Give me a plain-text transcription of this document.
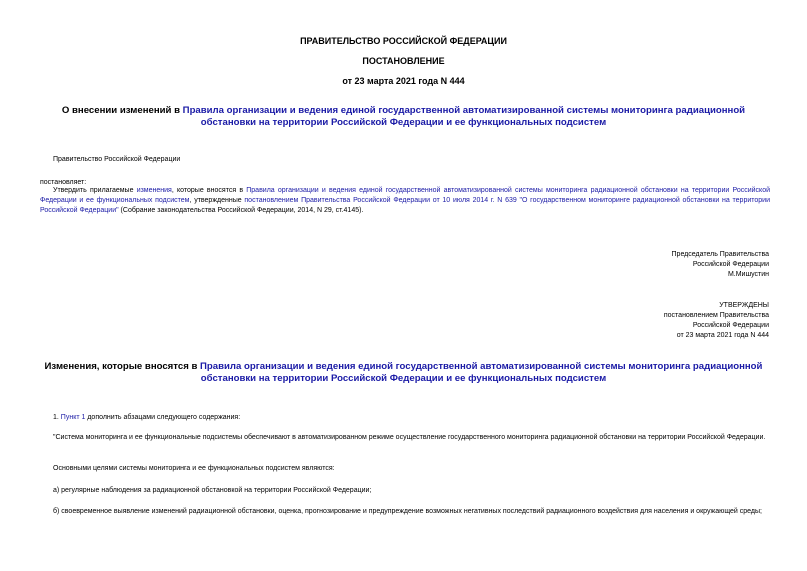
ПРАВИТЕЛЬСТВО РОССИЙСКОЙ ФЕДЕРАЦИИ
ПОСТАНОВЛЕНИЕ
от 23 марта 2021 года N 444
О внесении изменений в Правила организации и ведения единой государственной автоматизированной системы мониторинга радиационной обстановки на территории Российской Федерации и ее функциональных подсистем
Правительство Российской Федерации
постановляет:

Утвердить прилагаемые изменения, которые вносятся в Правила организации и ведения единой государственной автоматизированной системы мониторинга радиационной обстановки на территории Российской Федерации и ее функциональных подсистем, утвержденные постановлением Правительства Российской Федерации от 10 июля 2014 г. N 639 "О государственном мониторинге радиационной обстановки на территории Российской Федерации" (Собрание законодательства Российской Федерации, 2014, N 29, ст.4145).

Председатель Правительства
Российской Федерации
М.Мишустин
УТВЕРЖДЕНЫ
постановлением Правительства
Российской Федерации
от 23 марта 2021 года N 444
Изменения, которые вносятся в Правила организации и ведения единой государственной автоматизированной системы мониторинга радиационной обстановки на территории Российской Федерации и ее функциональных подсистем
1. Пункт 1 дополнить абзацами следующего содержания:

"Система мониторинга и ее функциональные подсистемы обеспечивают в автоматизированном режиме осуществление государственного мониторинга радиационной обстановки на территории Российской Федерации.

Основными целями системы мониторинга и ее функциональных подсистем являются:
а) регулярные наблюдения за радиационной обстановкой на территории Российской Федерации;

б) своевременное выявление изменений радиационной обстановки, оценка, прогнозирование и предупреждение возможных негативных последствий радиационного воздействия для населения и окружающей среды;
